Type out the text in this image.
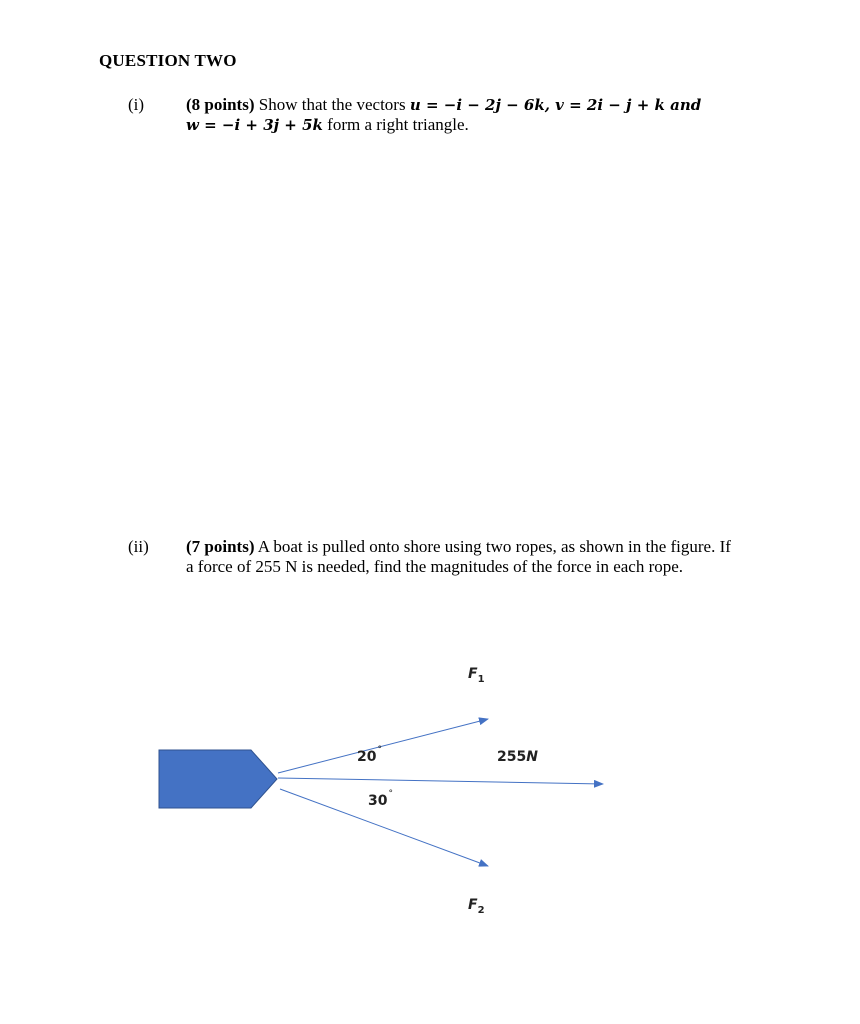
QUESTION TWO
(i) (8 points) Show that the vectors u = −i − 2j − 6k, v = 2i − j + k and
w = −i + 3j + 5k form a right triangle.
(ii) (7 points) A boat is pulled onto shore using two ropes, as shown in the figure. If
a force of 255 N is needed, find the magnitudes of the force in each rope.
$F_1$
$F_2$
20°
30°
255N
